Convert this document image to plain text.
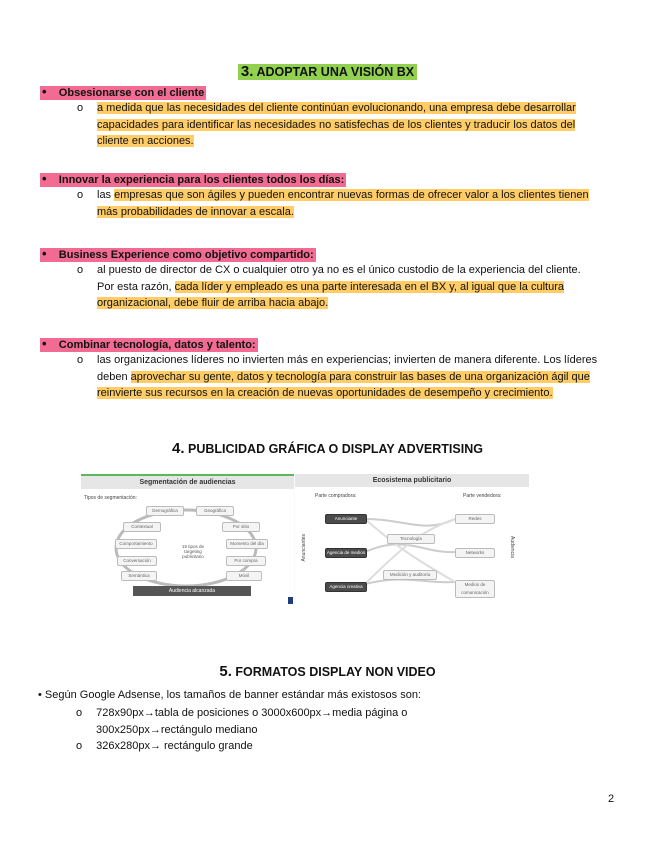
3. ADOPTAR UNA VISIÓN BX
• Obsesionarse con el cliente
o a medida que las necesidades del cliente continúan evolucionando, una empresa debe desarrollar
capacidades para identificar las necesidades no satisfechas de los clientes y traducir los datos del
cliente en acciones.
• Innovar la experiencia para los clientes todos los días:
o las empresas que son ágiles y pueden encontrar nuevas formas de ofrecer valor a los clientes tienen
más probabilidades de innovar a escala.
• Business Experience como objetivo compartido:
o al puesto de director de CX o cualquier otro ya no es el único custodio de la experiencia del cliente.
Por esta razón, cada líder y empleado es una parte interesada en el BX y, al igual que la cultura
organizacional, debe fluir de arriba hacia abajo.
• Combinar tecnología, datos y talento:
o las organizaciones líderes no invierten más en experiencias; invierten de manera diferente. Los líderes
deben aprovechar su gente, datos y tecnología para construir las bases de una organización ágil que
reinvierte sus recursos en la creación de nuevas oportunidades de desempeño y crecimiento.
4. PUBLICIDAD GRÁFICA O DISPLAY ADVERTISING
Segmentación de audiencias
Tipos de segmentación:
Demográfica	Geográfica
Contextual	Por sitio
Comportamiento	Momento del día
Conversación	Por compra
Semántica	Móvil
15 tipos de targeting publicitario
Audiencia alcanzada
Ecosistema publicitario
Parte compradora:	Parte vendedora:
Anunciante
Agencia de medios
Agencia creativa
Redes
Networks
Medios de comunicación
Tecnología
Medición y auditoría
Anunciantes	Audiencia
5. FORMATOS DISPLAY NON VIDEO
• Según Google Adsense, los tamaños de banner estándar más existosos son:
o 728x90px→tabla de posiciones o 3000x600px→media página o
300x250px→rectángulo mediano
o 326x280px→ rectángulo grande
2
